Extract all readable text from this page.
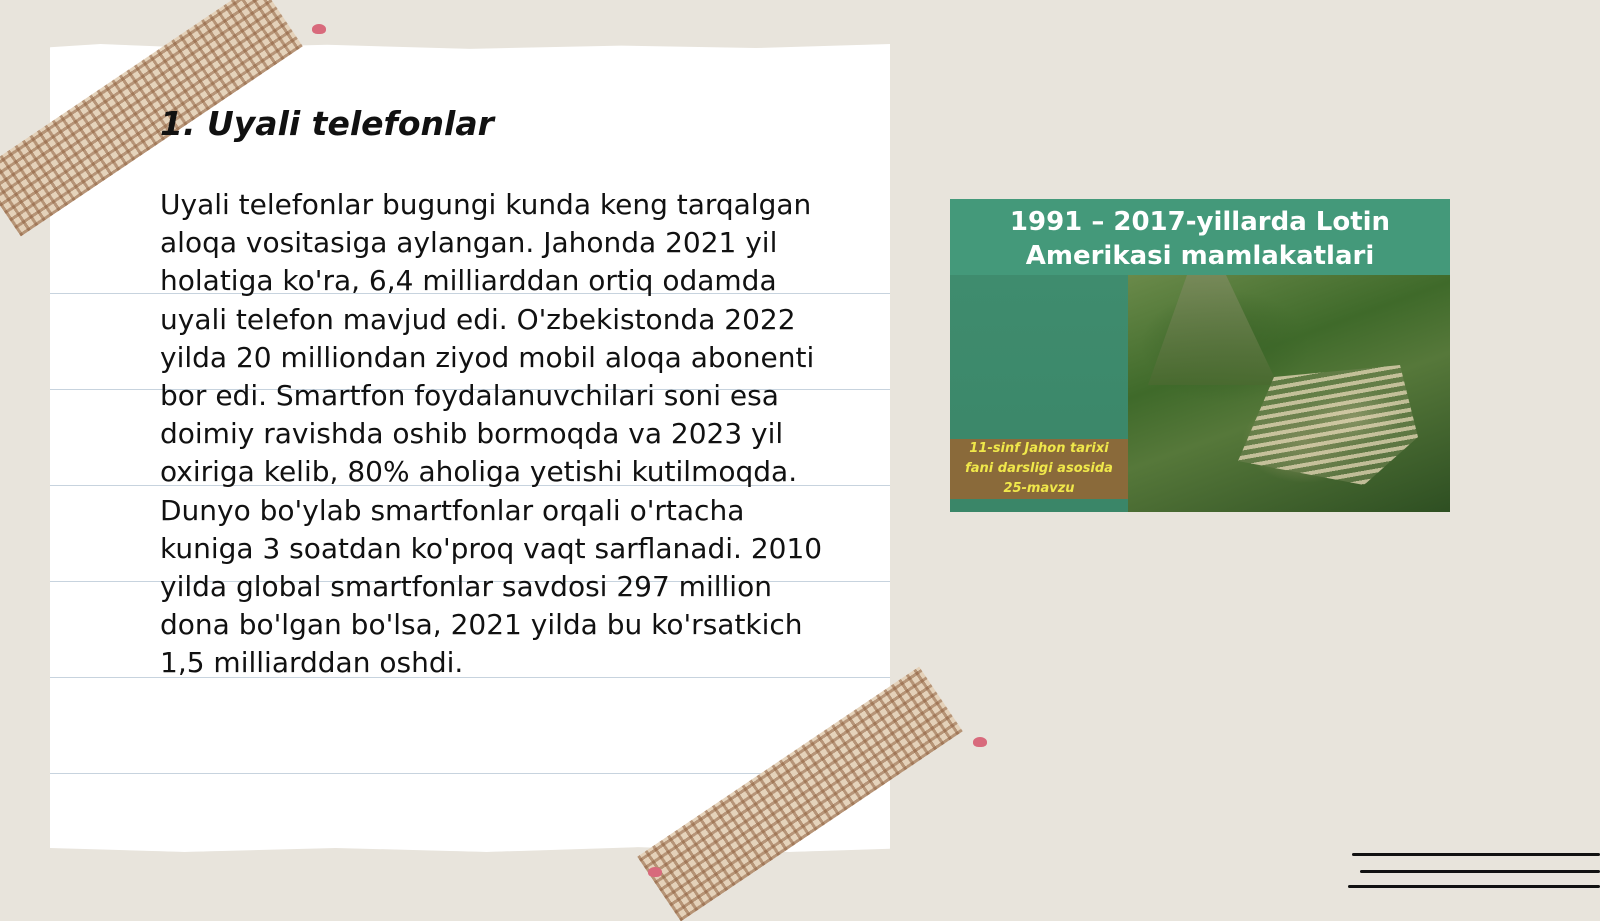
1. Uyali telefonlar

Uyali telefonlar bugungi kunda keng tarqalgan aloqa vositasiga aylangan. Jahonda 2021 yil holatiga ko'ra, 6,4 milliarddan ortiq odamda uyali telefon mavjud edi. O'zbekistonda 2022 yilda 20 milliondan ziyod mobil aloqa abonenti bor edi. Smartfon foydalanuvchilari soni esa doimiy ravishda oshib bormoqda va 2023 yil oxiriga kelib, 80% aholiga yetishi kutilmoqda. Dunyo bo'ylab smartfonlar orqali o'rtacha kuniga 3 soatdan ko'proq vaqt sarflanadi. 2010 yilda global smartfonlar savdosi 297 million dona bo'lgan bo'lsa, 2021 yilda bu ko'rsatkich 1,5 milliarddan oshdi.

1991 – 2017-yillarda Lotin
Amerikasi mamlakatlari
11-sinf Jahon tarixi
fani darsligi asosida
25-mavzu
